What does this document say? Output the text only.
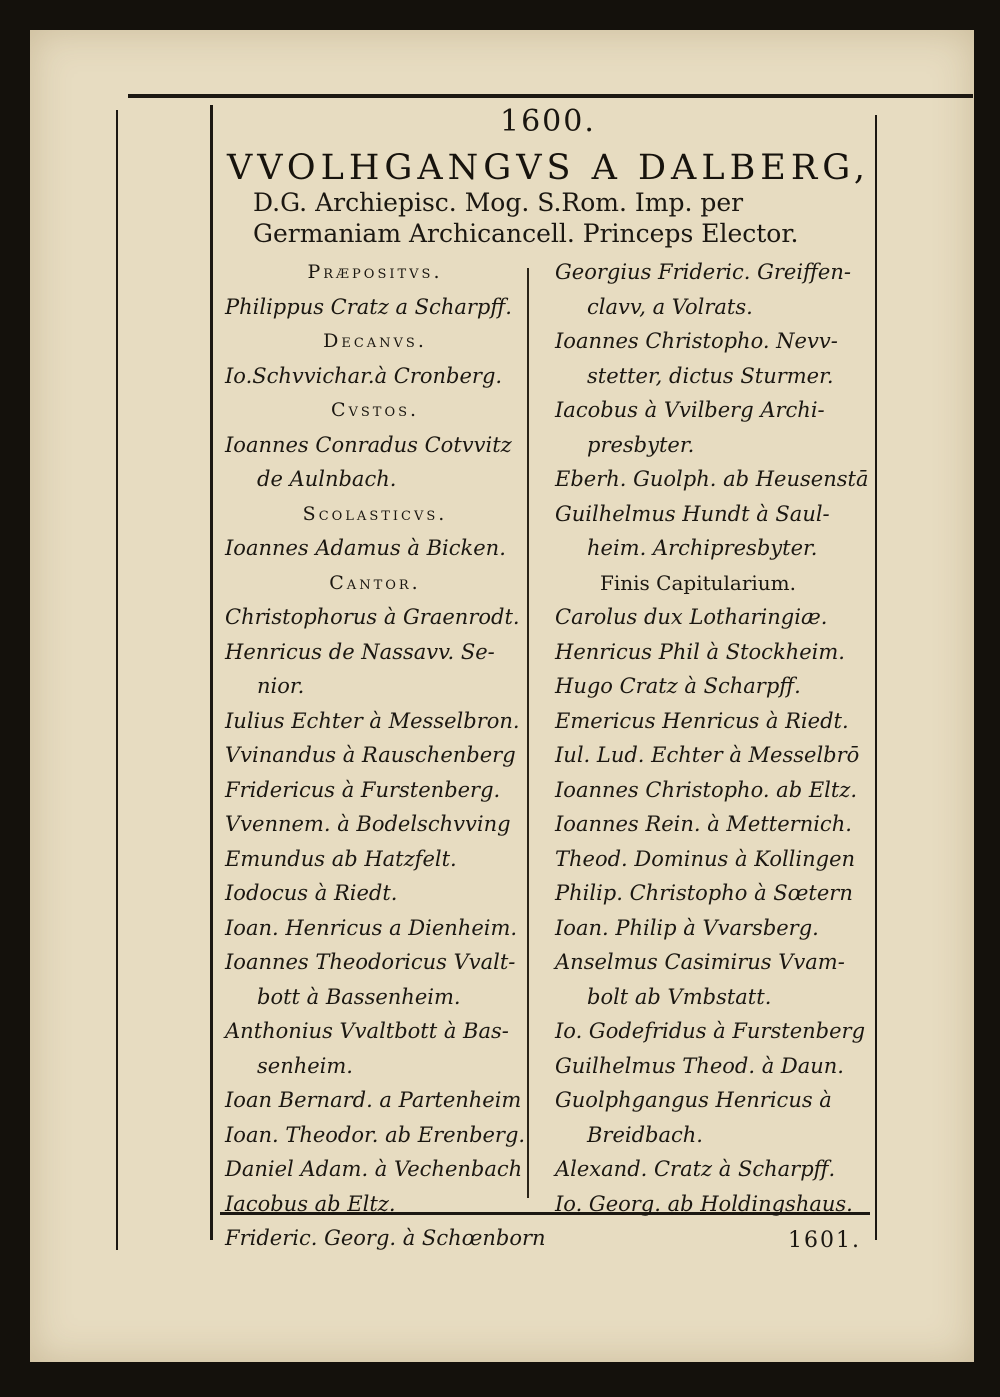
1600.
VVOLHGANGVS A DALBERG,
D.G. Archiepisc. Mog. S.Rom. Imp. per Germaniam Archicancell. Princeps Elector.
Præpositvs.
Philippus Cratz a Scharpff.
Decanvs.
Io.Schvvichar.à Cronberg.
Cvstos.
Ioannes Conradus Cotvvitz
de Aulnbach.
Scolasticvs.
Ioannes Adamus à Bicken.
Cantor.
Christophorus à Graenrodt.
Henricus de Nassavv. Se-
nior.
Iulius Echter à Messelbron.
Vvinandus à Rauschenberg
Fridericus à Furstenberg.
Vvennem. à Bodelschvving
Emundus ab Hatzfelt.
Iodocus à Riedt.
Ioan. Henricus a Dienheim.
Ioannes Theodoricus Vvalt-
bott à Bassenheim.
Anthonius Vvaltbott à Bas-
senheim.
Ioan Bernard. a Partenheim
Ioan. Theodor. ab Erenberg.
Daniel Adam. à Vechenbach
Iacobus ab Eltz.
Frideric. Georg. à Schœnborn
Georgius Frideric. Greiffen-
clavv, a Volrats.
Ioannes Christopho. Nevv-
stetter, dictus Sturmer.
Iacobus à Vvilberg Archi-
presbyter.
Eberh. Guolph. ab Heusenstā
Guilhelmus Hundt à Saul-
heim. Archipresbyter.
Finis Capitularium.
Carolus dux Lotharingiæ.
Henricus Phil à Stockheim.
Hugo Cratz à Scharpff.
Emericus Henricus à Riedt.
Iul. Lud. Echter à Messelbrō
Ioannes Christopho. ab Eltz.
Ioannes Rein. à Metternich.
Theod. Dominus à Kollingen
Philip. Christopho à Sœtern
Ioan. Philip à Vvarsberg.
Anselmus Casimirus Vvam-
bolt ab Vmbstatt.
Io. Godefridus à Furstenberg
Guilhelmus Theod. à Daun.
Guolphgangus Henricus à
Breidbach.
Alexand. Cratz à Scharpff.
Io. Georg. ab Holdingshaus.
1601.
